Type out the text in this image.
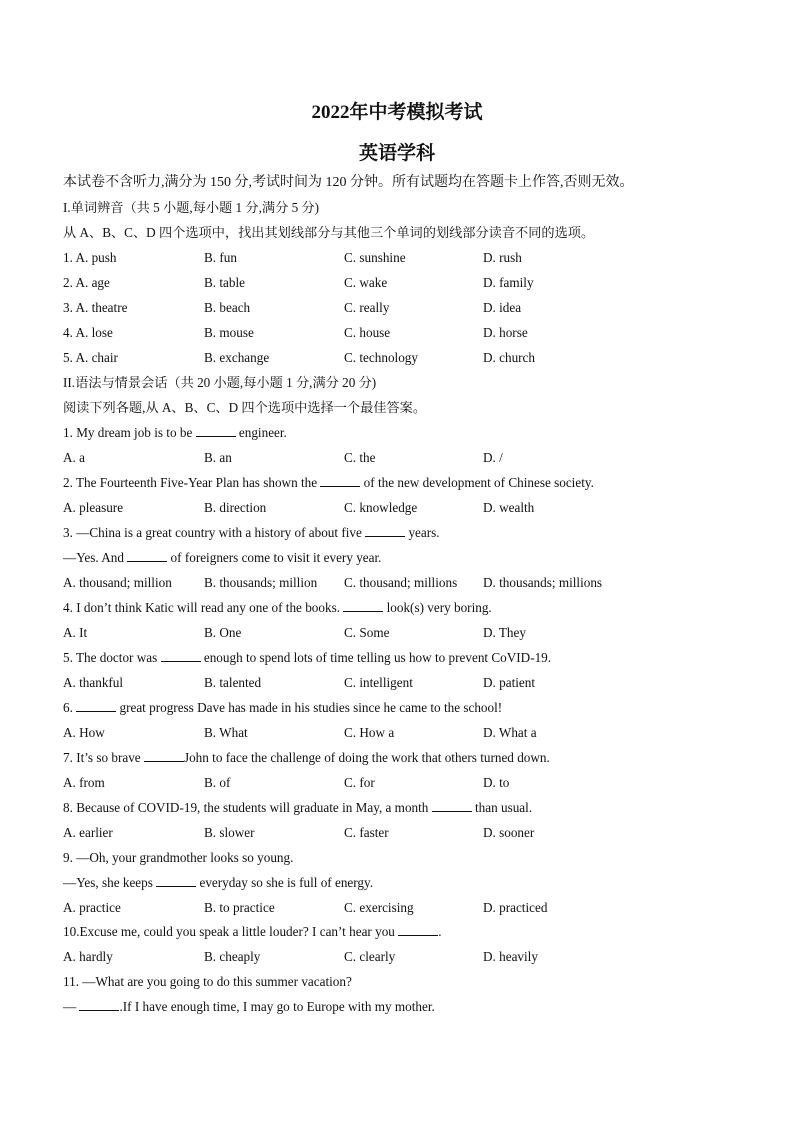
2022年中考模拟考试
英语学科
本试卷不含听力,满分为 150 分,考试时间为 120 分钟。所有试题均在答题卡上作答,否则无效。
I.单词辨音（共 5 小题,每小题 1 分,满分 5 分)
从 A、B、C、D 四个选项中，找出其划线部分与其他三个单词的划线部分读音不同的选项。
1. A. push	B. fun	C. sunshine	D. rush
2. A. age	B. table	C. wake	D. family
3. A. theatre	B. beach	C. really	D. idea
4. A. lose	B. mouse	C. house	D. horse
5. A. chair	B. exchange	C. technology	D. church
II.语法与情景会话（共 20 小题,每小题 1 分,满分 20 分)
阅读下列各题,从 A、B、C、D 四个选项中选择一个最佳答案。
1. My dream job is to be	engineer.
A. a	B. an	C. the	D. /
2. The Fourteenth Five-Year Plan has shown the	of the new development of Chinese society.
A. pleasure	B. direction	C. knowledge	D. wealth
3. —China is a great country with a history of about five	years.
—Yes. And	of foreigners come to visit it every year.
A. thousand; million B. thousands; million C. thousand; millions D. thousands; millions
4. I don’t think Katic will read any one of the books.	look(s) very boring.
A. It	B. One	C. Some	D. They
5. The doctor was	enough to spend lots of time telling us how to prevent CoVID-19.
A. thankful	B. talented	C. intelligent	D. patient
6.	great progress Dave has made in his studies since he came to the school!
A. How	B. What	C. How a	D. What a
7. It’s so brave	John to face the challenge of doing the work that others turned down.
A. from	B. of	C. for	D. to
8. Because of COVID-19, the students will graduate in May, a month	than usual.
A. earlier	B. slower	C. faster	D. sooner
9. —Oh, your grandmother looks so young.
—Yes, she keeps	everyday so she is full of energy.
A. practice	B. to practice	C. exercising	D. practiced
10.Excuse me, could you speak a little louder? I can’t hear you	.
A. hardly	B. cheaply	C. clearly	D. heavily
11. —What are you going to do this summer vacation?
—	.If I have enough time, I may go to Europe with my mother.
